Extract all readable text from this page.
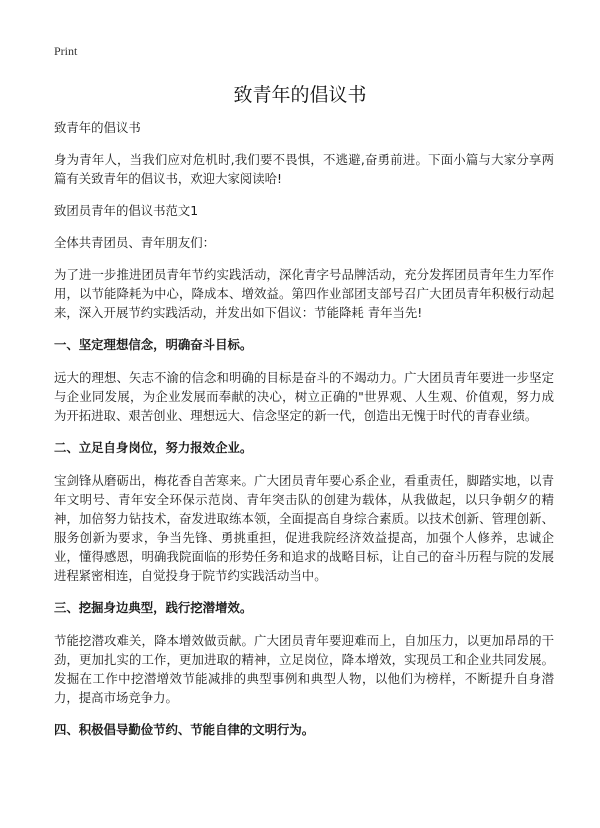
Print
致青年的倡议书

致青年的倡议书

身为青年人，当我们应对危机时,我们要不畏惧，不逃避,奋勇前进。下面小篇与大家分享两篇有关致青年的倡议书，欢迎大家阅读哈!

致团员青年的倡议书范文1

全体共青团员、青年朋友们：

为了进一步推进团员青年节约实践活动，深化青字号品牌活动，充分发挥团员青年生力军作用，以节能降耗为中心，降成本、增效益。第四作业部团支部号召广大团员青年积极行动起来，深入开展节约实践活动，并发出如下倡议：节能降耗 青年当先!

一、坚定理想信念，明确奋斗目标。

远大的理想、矢志不渝的信念和明确的目标是奋斗的不竭动力。广大团员青年要进一步坚定与企业同发展，为企业发展而奉献的决心，树立正确的"世界观、人生观、价值观，努力成为开拓进取、艰苦创业、理想远大、信念坚定的新一代，创造出无愧于时代的青春业绩。

二、立足自身岗位，努力报效企业。

宝剑锋从磨砺出，梅花香自苦寒来。广大团员青年要心系企业，看重责任，脚踏实地，以青年文明号、青年安全环保示范岗、青年突击队的创建为载体，从我做起，以只争朝夕的精神，加倍努力钻技术，奋发进取练本领，全面提高自身综合素质。以技术创新、管理创新、服务创新为要求，争当先锋、勇挑重担，促进我院经济效益提高，加强个人修养，忠诚企业，懂得感恩，明确我院面临的形势任务和追求的战略目标，让自己的奋斗历程与院的发展进程紧密相连，自觉投身于院节约实践活动当中。

三、挖掘身边典型，践行挖潜增效。

节能挖潜攻难关，降本增效做贡献。广大团员青年要迎难而上，自加压力，以更加昂昂的干劲，更加扎实的工作，更加进取的精神，立足岗位，降本增效，实现员工和企业共同发展。发掘在工作中挖潜增效节能减排的典型事例和典型人物，以他们为榜样，不断提升自身潜力，提高市场竞争力。

四、积极倡导勤俭节约、节能自律的文明行为。
